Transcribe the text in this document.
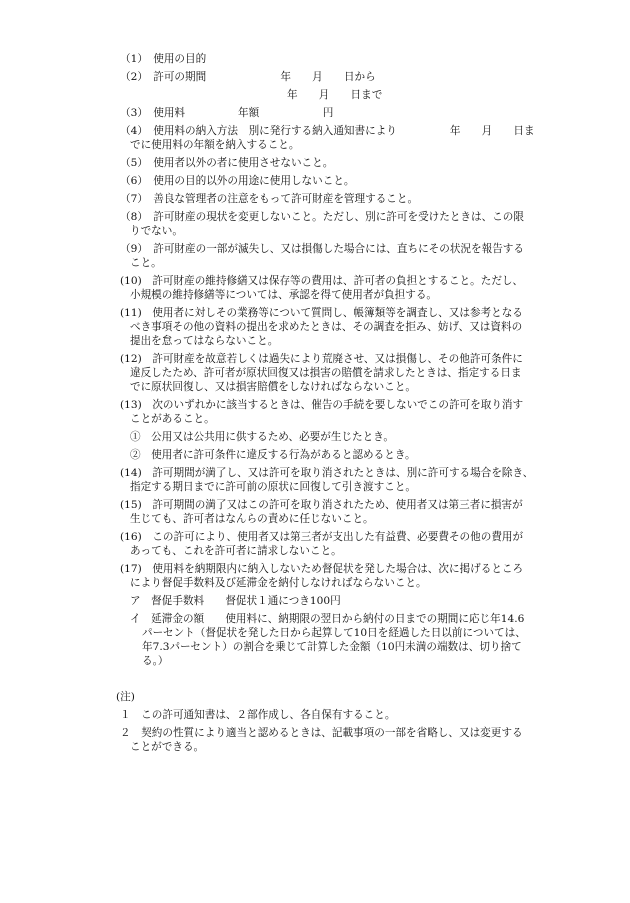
（1）　使用の目的
（2）　許可の期間　　　　　　　年　　月　　日から
年　　月　　日まで
（3）　使用料　　　　　年額　　　　　　円
（4）　使用料の納入方法　別に発行する納入通知書により　　　　　年　　月　　日ま
でに使用料の年額を納入すること。
（5）　使用者以外の者に使用させないこと。
（6）　使用の目的以外の用途に使用しないこと。
（7）　善良な管理者の注意をもって許可財産を管理すること。
（8）　許可財産の現状を変更しないこと。ただし、別に許可を受けたときは、この限
りでない。
（9）　許可財産の一部が滅失し、又は損傷した場合には、直ちにその状況を報告する
こと。
(10)　許可財産の維持修繕又は保存等の費用は、許可者の負担とすること。ただし、
小規模の維持修繕等については、承認を得て使用者が負担する。
(11)　使用者に対しその業務等について質問し、帳簿類等を調査し、又は参考となる
べき事項その他の資料の提出を求めたときは、その調査を拒み、妨げ、又は資料の
提出を怠ってはならないこと。
(12)　許可財産を故意若しくは過失により荒廃させ、又は損傷し、その他許可条件に
違反したため、許可者が原状回復又は損害の賠償を請求したときは、指定する日ま
でに原状回復し、又は損害賠償をしなければならないこと。
(13)　次のいずれかに該当するときは、催告の手続を要しないでこの許可を取り消す
ことがあること。
①　公用又は公共用に供するため、必要が生じたとき。
②　使用者に許可条件に違反する行為があると認めるとき。
(14)　許可期間が満了し、又は許可を取り消されたときは、別に許可する場合を除き、
指定する期日までに許可前の原状に回復して引き渡すこと。
(15)　許可期間の満了又はこの許可を取り消されたため、使用者又は第三者に損害が
生じても、許可者はなんらの責めに任じないこと。
(16)　この許可により、使用者又は第三者が支出した有益費、必要費その他の費用が
あっても、これを許可者に請求しないこと。
(17)　使用料を納期限内に納入しないため督促状を発した場合は、次に掲げるところ
により督促手数料及び延滞金を納付しなければならないこと。
ア　督促手数料　　督促状１通につき100円
イ　延滞金の額　　使用料に、納期限の翌日から納付の日までの期間に応じ年14.6
パーセント（督促状を発した日から起算して10日を経過した日以前については、
年7.3パーセント）の割合を乗じて計算した金額（10円未満の端数は、切り捨て
る。）
(注)
１　この許可通知書は、２部作成し、各自保有すること。
２　契約の性質により適当と認めるときは、記載事項の一部を省略し、又は変更する
ことができる。
